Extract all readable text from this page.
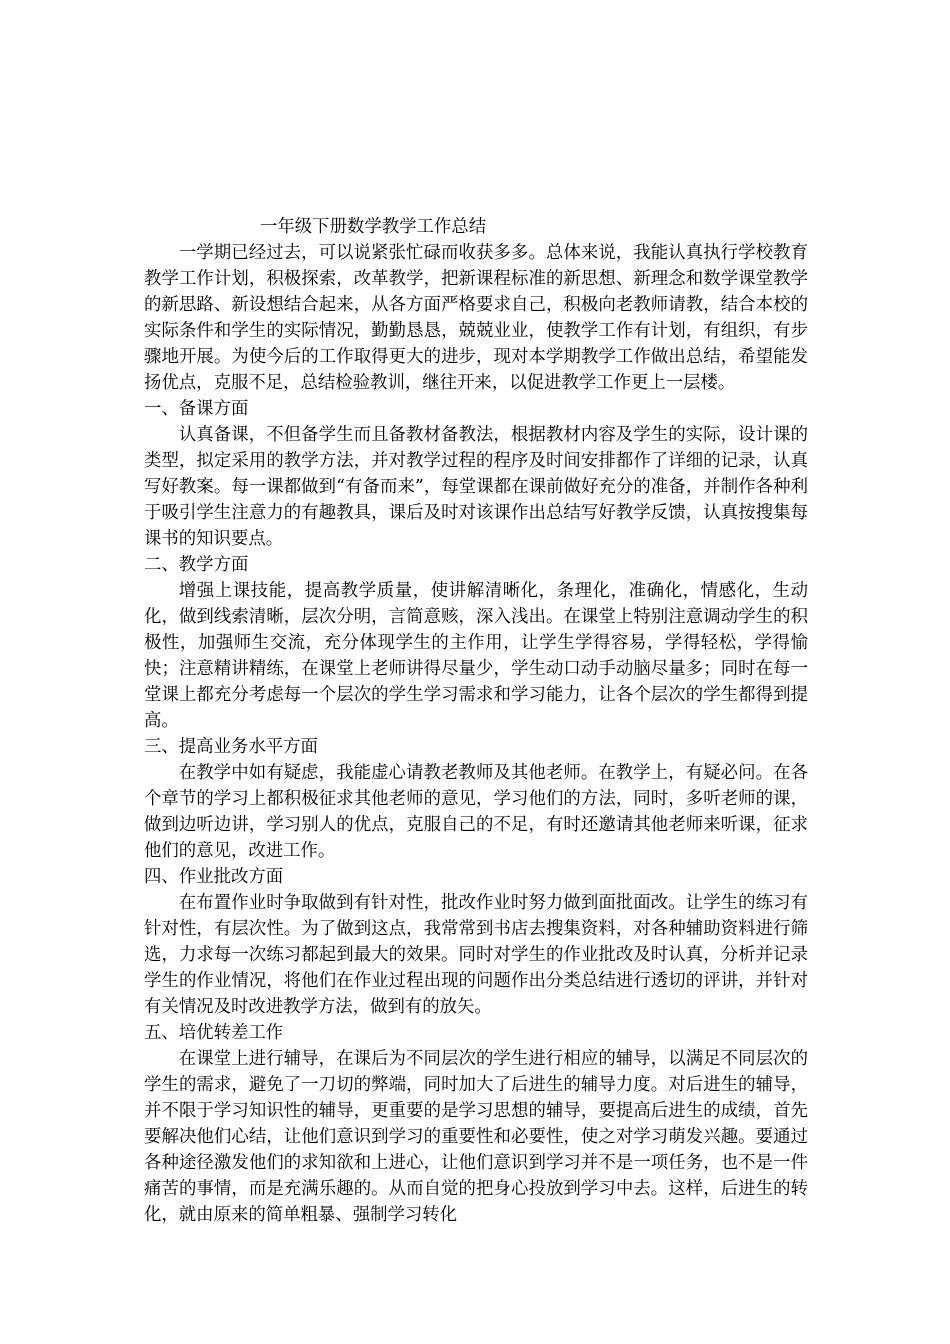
一年级下册数学教学工作总结

一学期已经过去，可以说紧张忙碌而收获多多。总体来说，我能认真执行学校教育教学工作计划，积极探索，改革教学，把新课程标准的新思想、新理念和数学课堂教学的新思路、新设想结合起来，从各方面严格要求自己，积极向老教师请教，结合本校的实际条件和学生的实际情况，勤勤恳恳，兢兢业业，使教学工作有计划，有组织，有步骤地开展。为使今后的工作取得更大的进步，现对本学期教学工作做出总结，希望能发扬优点，克服不足，总结检验教训，继往开来，以促进教学工作更上一层楼。

一、备课方面

认真备课，不但备学生而且备教材备教法，根据教材内容及学生的实际，设计课的类型，拟定采用的教学方法，并对教学过程的程序及时间安排都作了详细的记录，认真写好教案。每一课都做到“有备而来”，每堂课都在课前做好充分的准备，并制作各种利于吸引学生注意力的有趣教具，课后及时对该课作出总结写好教学反馈，认真按搜集每课书的知识要点。

二、教学方面

增强上课技能，提高教学质量，使讲解清晰化，条理化，准确化，情感化，生动化，做到线索清晰，层次分明，言简意赅，深入浅出。在课堂上特别注意调动学生的积极性，加强师生交流，充分体现学生的主作用，让学生学得容易，学得轻松，学得愉快；注意精讲精练，在课堂上老师讲得尽量少，学生动口动手动脑尽量多；同时在每一堂课上都充分考虑每一个层次的学生学习需求和学习能力，让各个层次的学生都得到提高。

三、提高业务水平方面

在教学中如有疑虑，我能虚心请教老教师及其他老师。在教学上，有疑必问。在各个章节的学习上都积极征求其他老师的意见，学习他们的方法，同时，多听老师的课，做到边听边讲，学习别人的优点，克服自己的不足，有时还邀请其他老师来听课，征求他们的意见，改进工作。

四、作业批改方面

在布置作业时争取做到有针对性，批改作业时努力做到面批面改。让学生的练习有针对性，有层次性。为了做到这点，我常常到书店去搜集资料，对各种辅助资料进行筛选，力求每一次练习都起到最大的效果。同时对学生的作业批改及时认真，分析并记录学生的作业情况，将他们在作业过程出现的问题作出分类总结进行透切的评讲，并针对有关情况及时改进教学方法，做到有的放矢。

五、培优转差工作

在课堂上进行辅导，在课后为不同层次的学生进行相应的辅导，以满足不同层次的学生的需求，避免了一刀切的弊端，同时加大了后进生的辅导力度。对后进生的辅导，并不限于学习知识性的辅导，更重要的是学习思想的辅导，要提高后进生的成绩，首先要解决他们心结，让他们意识到学习的重要性和必要性，使之对学习萌发兴趣。要通过各种途径激发他们的求知欲和上进心，让他们意识到学习并不是一项任务，也不是一件痛苦的事情，而是充满乐趣的。从而自觉的把身心投放到学习中去。这样，后进生的转化，就由原来的简单粗暴、强制学习转化
